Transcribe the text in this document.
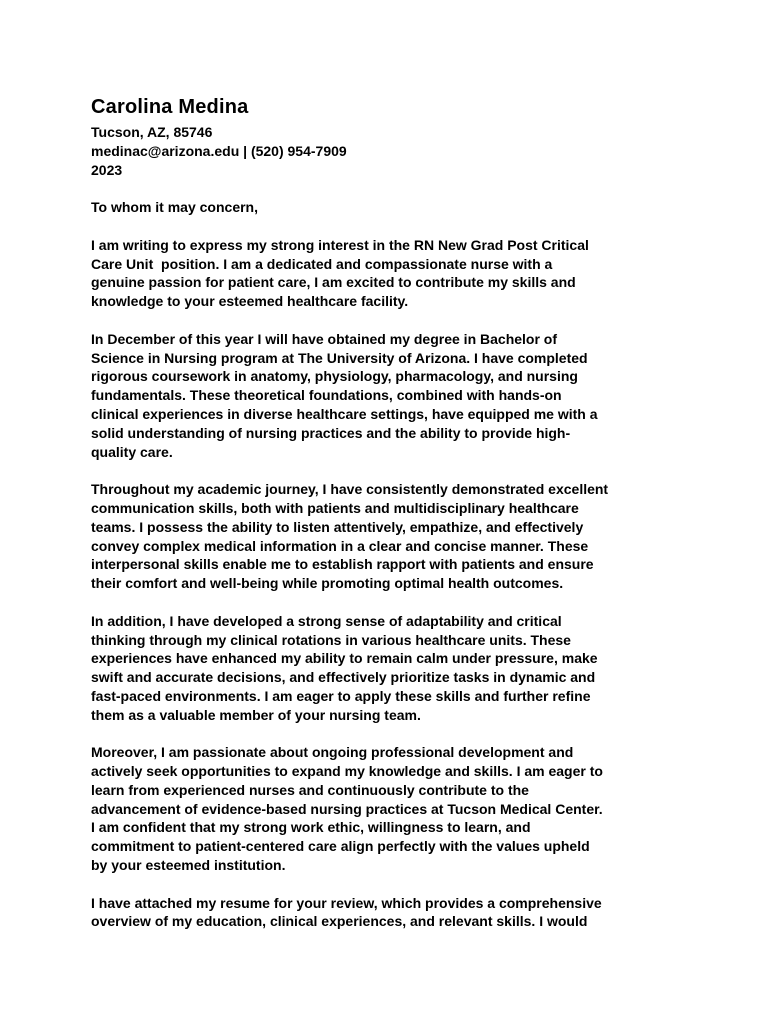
Carolina Medina
Tucson, AZ, 85746
medinac@arizona.edu | (520) 954-7909
2023
To whom it may concern,
I am writing to express my strong interest in the RN New Grad Post Critical
Care Unit  position. I am a dedicated and compassionate nurse with a
genuine passion for patient care, I am excited to contribute my skills and
knowledge to your esteemed healthcare facility.
In December of this year I will have obtained my degree in Bachelor of
Science in Nursing program at The University of Arizona. I have completed
rigorous coursework in anatomy, physiology, pharmacology, and nursing
fundamentals. These theoretical foundations, combined with hands-on
clinical experiences in diverse healthcare settings, have equipped me with a
solid understanding of nursing practices and the ability to provide high-
quality care.
Throughout my academic journey, I have consistently demonstrated excellent
communication skills, both with patients and multidisciplinary healthcare
teams. I possess the ability to listen attentively, empathize, and effectively
convey complex medical information in a clear and concise manner. These
interpersonal skills enable me to establish rapport with patients and ensure
their comfort and well-being while promoting optimal health outcomes.
In addition, I have developed a strong sense of adaptability and critical
thinking through my clinical rotations in various healthcare units. These
experiences have enhanced my ability to remain calm under pressure, make
swift and accurate decisions, and effectively prioritize tasks in dynamic and
fast-paced environments. I am eager to apply these skills and further refine
them as a valuable member of your nursing team.
Moreover, I am passionate about ongoing professional development and
actively seek opportunities to expand my knowledge and skills. I am eager to
learn from experienced nurses and continuously contribute to the
advancement of evidence-based nursing practices at Tucson Medical Center.
I am confident that my strong work ethic, willingness to learn, and
commitment to patient-centered care align perfectly with the values upheld
by your esteemed institution.
I have attached my resume for your review, which provides a comprehensive
overview of my education, clinical experiences, and relevant skills. I would
